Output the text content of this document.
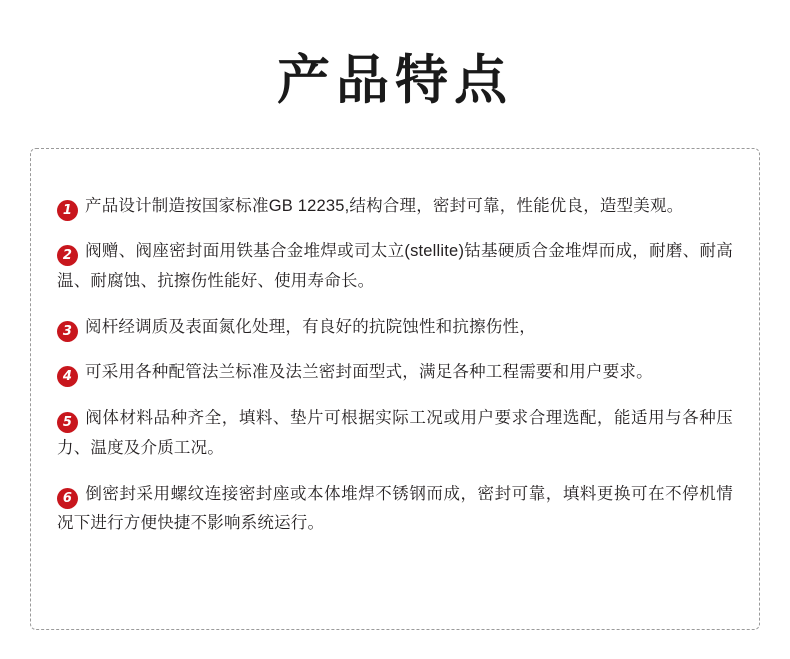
产品特点

1 产品设计制造按国家标准GB 12235,结构合理，密封可靠，性能优良，造型美观。

2 阀赠、阀座密封面用铁基合金堆焊或司太立(stellite)钴基硬质合金堆焊而成，耐磨、耐高温、耐腐蚀、抗擦伤性能好、使用寿命长。

3 阅杆经调质及表面氮化处理，有良好的抗院蚀性和抗擦伤性，

4 可采用各种配管法兰标准及法兰密封面型式，满足各种工程需要和用户要求。

5 阀体材料品种齐全，填料、垫片可根据实际工况或用户要求合理选配，能适用与各种压力、温度及介质工况。

6 倒密封采用螺纹连接密封座或本体堆焊不锈钢而成，密封可靠，填料更换可在不停机情况下进行方便快捷不影响系统运行。
